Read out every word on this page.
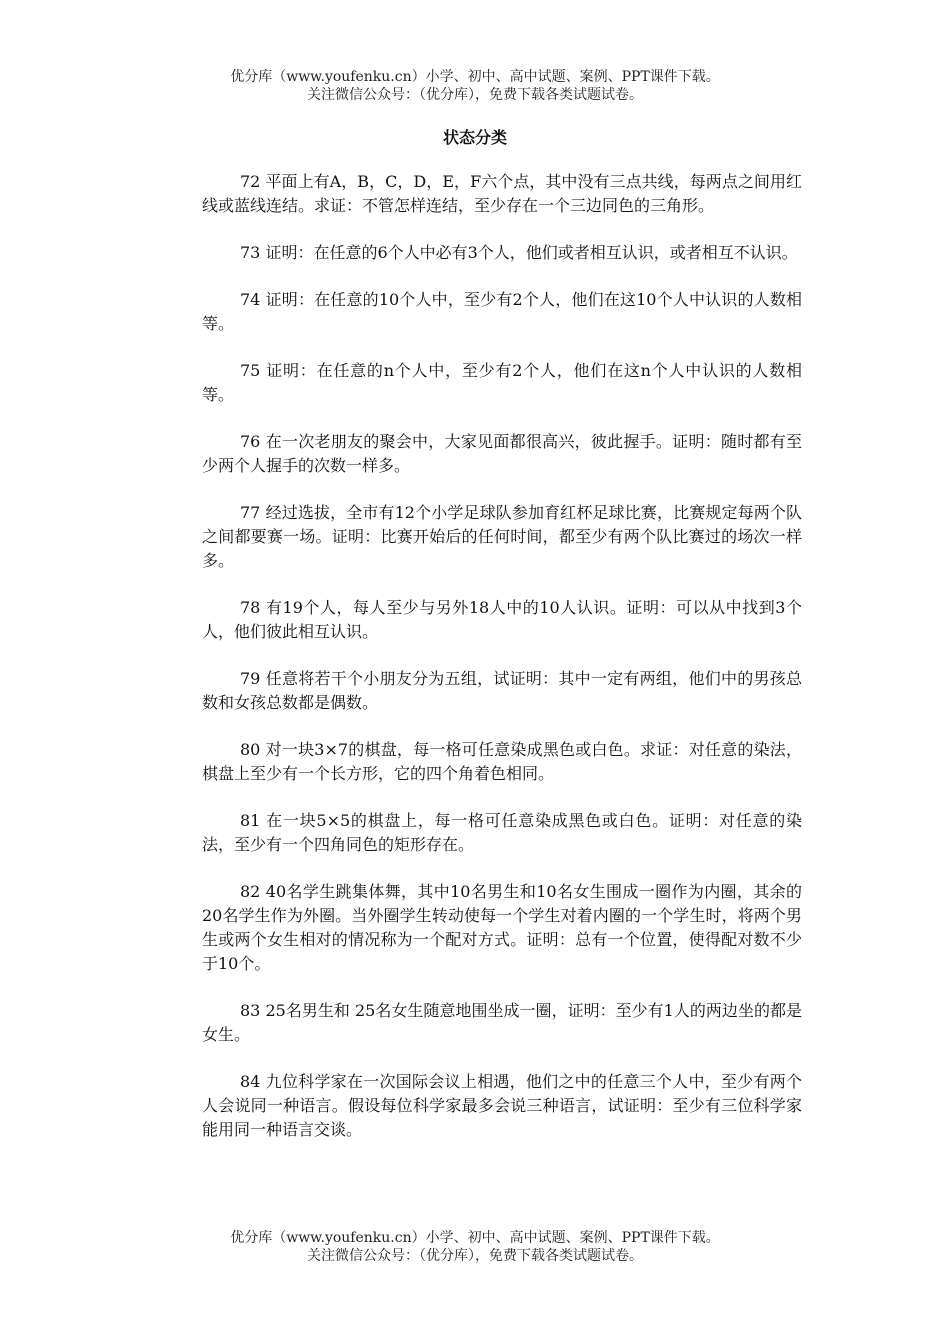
优分库（www.youfenku.cn）小学、初中、高中试题、案例、PPT课件下载。
关注微信公众号：（优分库），免费下载各类试题试卷。
状态分类

72 平面上有A，B，C，D，E，F六个点，其中没有三点共线，每两点之间用红线或蓝线连结。求证：不管怎样连结，至少存在一个三边同色的三角形。

73 证明：在任意的6个人中必有3个人，他们或者相互认识，或者相互不认识。

74 证明：在任意的10个人中，至少有2个人，他们在这10个人中认识的人数相等。

75 证明：在任意的n个人中，至少有2个人，他们在这n个人中认识的人数相等。

76 在一次老朋友的聚会中，大家见面都很高兴，彼此握手。证明：随时都有至少两个人握手的次数一样多。

77 经过选拔，全市有12个小学足球队参加育红杯足球比赛，比赛规定每两个队之间都要赛一场。证明：比赛开始后的任何时间，都至少有两个队比赛过的场次一样多。

78 有19个人，每人至少与另外18人中的10人认识。证明：可以从中找到3个人，他们彼此相互认识。

79 任意将若干个小朋友分为五组，试证明：其中一定有两组，他们中的男孩总数和女孩总数都是偶数。

80 对一块3×7的棋盘，每一格可任意染成黑色或白色。求证：对任意的染法，棋盘上至少有一个长方形，它的四个角着色相同。

81 在一块5×5的棋盘上，每一格可任意染成黑色或白色。证明：对任意的染法，至少有一个四角同色的矩形存在。

82 40名学生跳集体舞，其中10名男生和10名女生围成一圈作为内圈，其余的20名学生作为外圈。当外圈学生转动使每一个学生对着内圈的一个学生时，将两个男生或两个女生相对的情况称为一个配对方式。证明：总有一个位置，使得配对数不少于10个。

83 25名男生和 25名女生随意地围坐成一圈，证明：至少有1人的两边坐的都是女生。

84 九位科学家在一次国际会议上相遇，他们之中的任意三个人中，至少有两个人会说同一种语言。假设每位科学家最多会说三种语言，试证明：至少有三位科学家能用同一种语言交谈。

优分库（www.youfenku.cn）小学、初中、高中试题、案例、PPT课件下载。
关注微信公众号：（优分库），免费下载各类试题试卷。
